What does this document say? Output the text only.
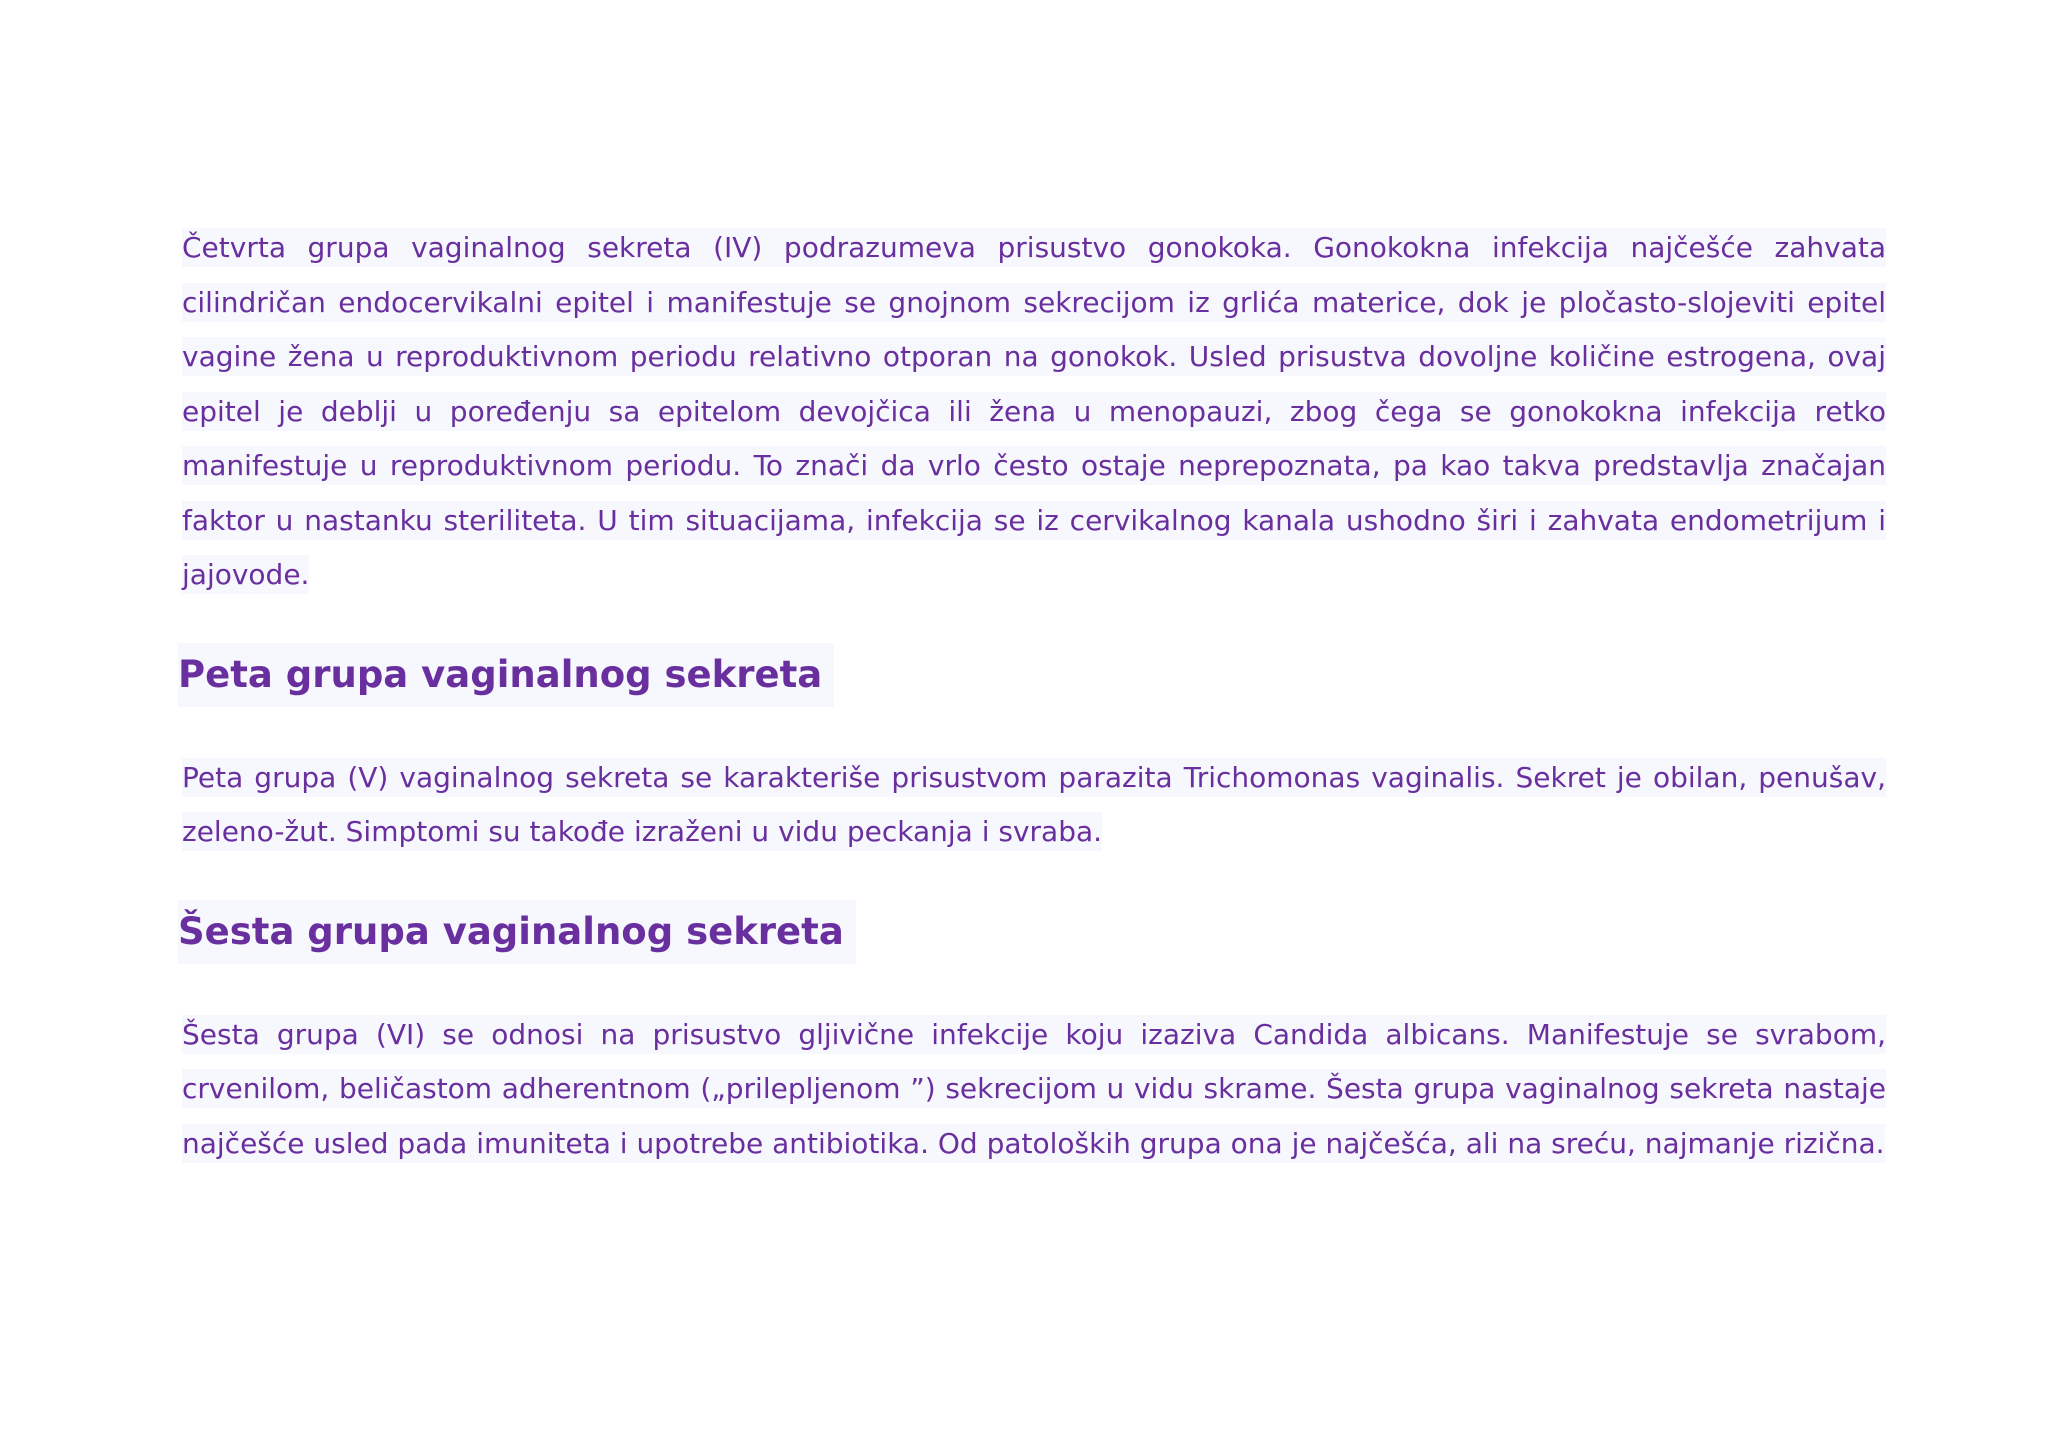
Četvrta grupa vaginalnog sekreta (IV) podrazumeva prisustvo gonokoka. Gonokokna infekcija najčešće zahvata cilindričan endocervikalni epitel i manifestuje se gnojnom sekrecijom iz grlića materice, dok je pločasto-slojeviti epitel vagine žena u reproduktivnom periodu relativno otporan na gonokok. Usled prisustva dovoljne količine estrogena, ovaj epitel je deblji u poređenju sa epitelom devojčica ili žena u menopauzi, zbog čega se gonokokna infekcija retko manifestuje u reproduktivnom periodu. To znači da vrlo često ostaje neprepoznata, pa kao takva predstavlja značajan faktor u nastanku steriliteta. U tim situacijama, infekcija se iz cervikalnog kanala ushodno širi i zahvata endometrijum i jajovode.

Peta grupa vaginalnog sekreta

Peta grupa (V) vaginalnog sekreta se karakteriše prisustvom parazita Trichomonas vaginalis. Sekret je obilan, penušav, zeleno-žut. Simptomi su takođe izraženi u vidu peckanja i svraba.

Šesta grupa vaginalnog sekreta

Šesta grupa (VI) se odnosi na prisustvo gljivične infekcije koju izaziva Candida albicans. Manifestuje se svrabom, crvenilom, beličastom adherentnom („prilepljenom ”) sekrecijom u vidu skrame. Šesta grupa vaginalnog sekreta nastaje najčešće usled pada imuniteta i upotrebe antibiotika. Od patoloških grupa ona je najčešća, ali na sreću, najmanje rizična.
